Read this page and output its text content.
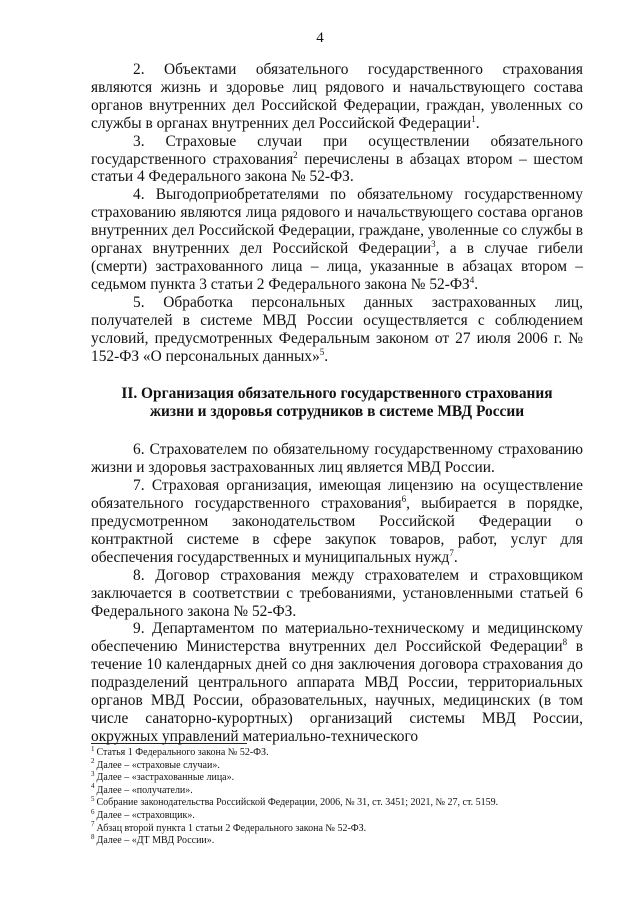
4

2. Объектами обязательного государственного страхования являются жизнь и здоровье лиц рядового и начальствующего состава органов внутренних дел Российской Федерации, граждан, уволенных со службы в органах внутренних дел Российской Федерации$^1$.

3. Страховые случаи при осуществлении обязательного государственного страхования$^2$ перечислены в абзацах втором – шестом статьи 4 Федерального закона № 52-ФЗ.

4. Выгодоприобретателями по обязательному государственному страхованию являются лица рядового и начальствующего состава органов внутренних дел Российской Федерации, граждане, уволенные со службы в органах внутренних дел Российской Федерации$^3$, а в случае гибели (смерти) застрахованного лица – лица, указанные в абзацах втором – седьмом пункта 3 статьи 2 Федерального закона № $52-ФЗ^4$.

5. Обработка персональных данных застрахованных лиц, получателей в системе МВД России осуществляется с соблюдением условий, предусмотренных Федеральным законом от 27 июля 2006 г. № 152-ФЗ «О персональных данных»$^5$.

II. Организация обязательного государственного страхования жизни и здоровья сотрудников в системе МВД России

6. Страхователем по обязательному государственному страхованию жизни и здоровья застрахованных лиц является МВД России.

7. Страховая организация, имеющая лицензию на осуществление обязательного государственного страхования$^6$, выбирается в порядке, предусмотренном законодательством Российской Федерации о контрактной системе в сфере закупок товаров, работ, услуг для обеспечения государственных и муниципальных нужд$^7$.

8. Договор страхования между страхователем и страховщиком заключается в соответствии с требованиями, установленными статьей 6 Федерального закона № 52-ФЗ.

9. Департаментом по материально-техническому и медицинскому обеспечению Министерства внутренних дел Российской Федерации$^8$ в течение 10 календарных дней со дня заключения договора страхования до подразделений центрального аппарата МВД России, территориальных органов МВД России, образовательных, научных, медицинских (в том числе санаторно-курортных) организаций системы МВД России, окружных управлений материально-технического

$^1$ Статья 1 Федерального закона № 52-ФЗ.

$^2$ Далее – «страховые случаи».

$^3$ Далее – «застрахованные лица».

$^4$ Далее – «получатели».

$^5$ Собрание законодательства Российской Федерации, 2006, № 31, ст. 3451; 2021, № 27, ст. 5159.

$^6$ Далее – «страховщик».

$^7$ Абзац второй пункта 1 статьи 2 Федерального закона № 52-ФЗ.

$^8$ Далее – «ДТ МВД России».
